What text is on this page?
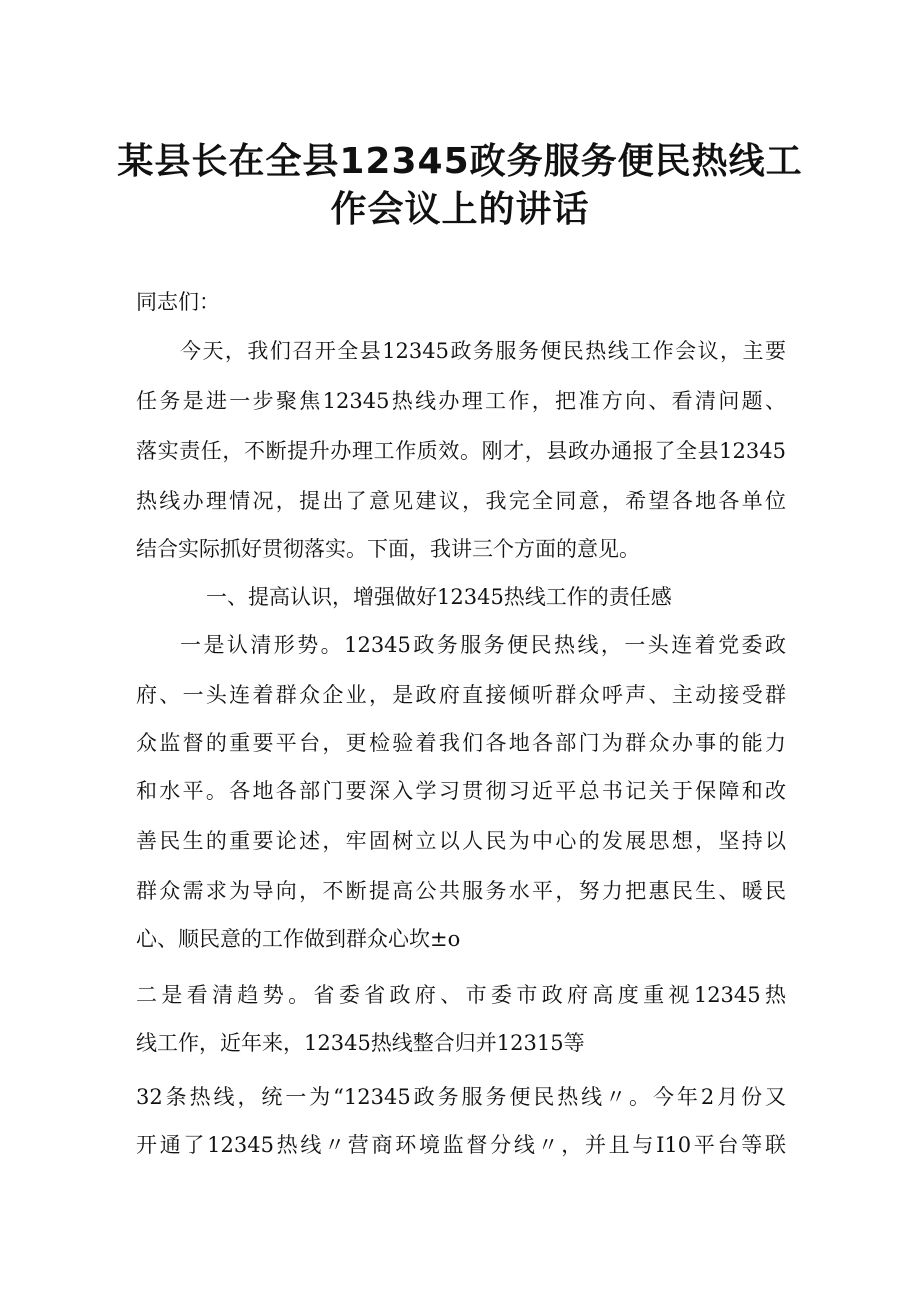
某县长在全县12345政务服务便民热线工
作会议上的讲话
同志们：
今天，我们召开全县12345政务服务便民热线工作会议，主要
任务是进一步聚焦12345热线办理工作，把准方向、看清问题、
落实责任，不断提升办理工作质效。刚才，县政办通报了全县12345
热线办理情况，提出了意见建议，我完全同意，希望各地各单位
结合实际抓好贯彻落实。下面，我讲三个方面的意见。
一、提高认识，增强做好12345热线工作的责任感
一是认清形势。12345政务服务便民热线，一头连着党委政
府、一头连着群众企业，是政府直接倾听群众呼声、主动接受群
众监督的重要平台，更检验着我们各地各部门为群众办事的能力
和水平。各地各部门要深入学习贯彻习近平总书记关于保障和改
善民生的重要论述，牢固树立以人民为中心的发展思想，坚持以
群众需求为导向，不断提高公共服务水平，努力把惠民生、暖民
心、顺民意的工作做到群众心坎±o
二是看清趋势。省委省政府、市委市政府高度重视12345热
线工作，近年来，12345热线整合归并12315等
32条热线，统一为“12345政务服务便民热线〃。今年2月份又
开通了12345热线〃营商环境监督分线〃，并且与I10平台等联
